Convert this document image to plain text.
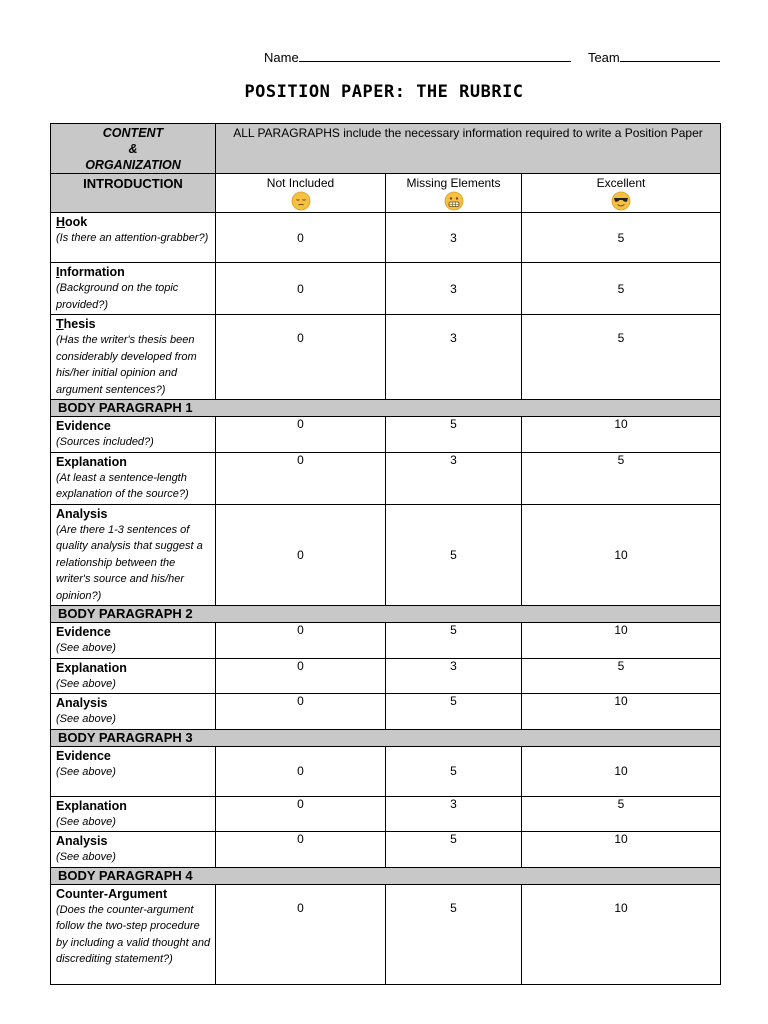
Name	Team
POSITION PAPER: THE RUBRIC
CONTENT
&
ORGANIZATION	ALL PARAGRAPHS include the necessary information required to write a Position Paper		
INTRODUCTION	Not Included	Missing Elements	Excellent

Hook
(Is there an attention-grabber?)	0	3	5

Information
(Background on the topic provided?)	0	3	5

Thesis
(Has the writer's thesis been considerably developed from his/her initial opinion and argument sentences?)	0	3	5
BODY PARAGRAPH 1			

Evidence
(Sources included?)	0	5	10

Explanation
(At least a sentence-length explanation of the source?)	0	3	5

Analysis
(Are there 1-3 sentences of quality analysis that suggest a relationship between the writer's source and his/her opinion?)	0	5	10
BODY PARAGRAPH 2			

Evidence
(See above)	0	5	10

Explanation
(See above)	0	3	5

Analysis
(See above)	0	5	10
BODY PARAGRAPH 3			

Evidence
(See above)	0	5	10

Explanation
(See above)	0	3	5

Analysis
(See above)	0	5	10
BODY PARAGRAPH 4			

Counter-Argument
(Does the counter-argument follow the two-step procedure by including a valid thought and discrediting statement?)	0	5	10
